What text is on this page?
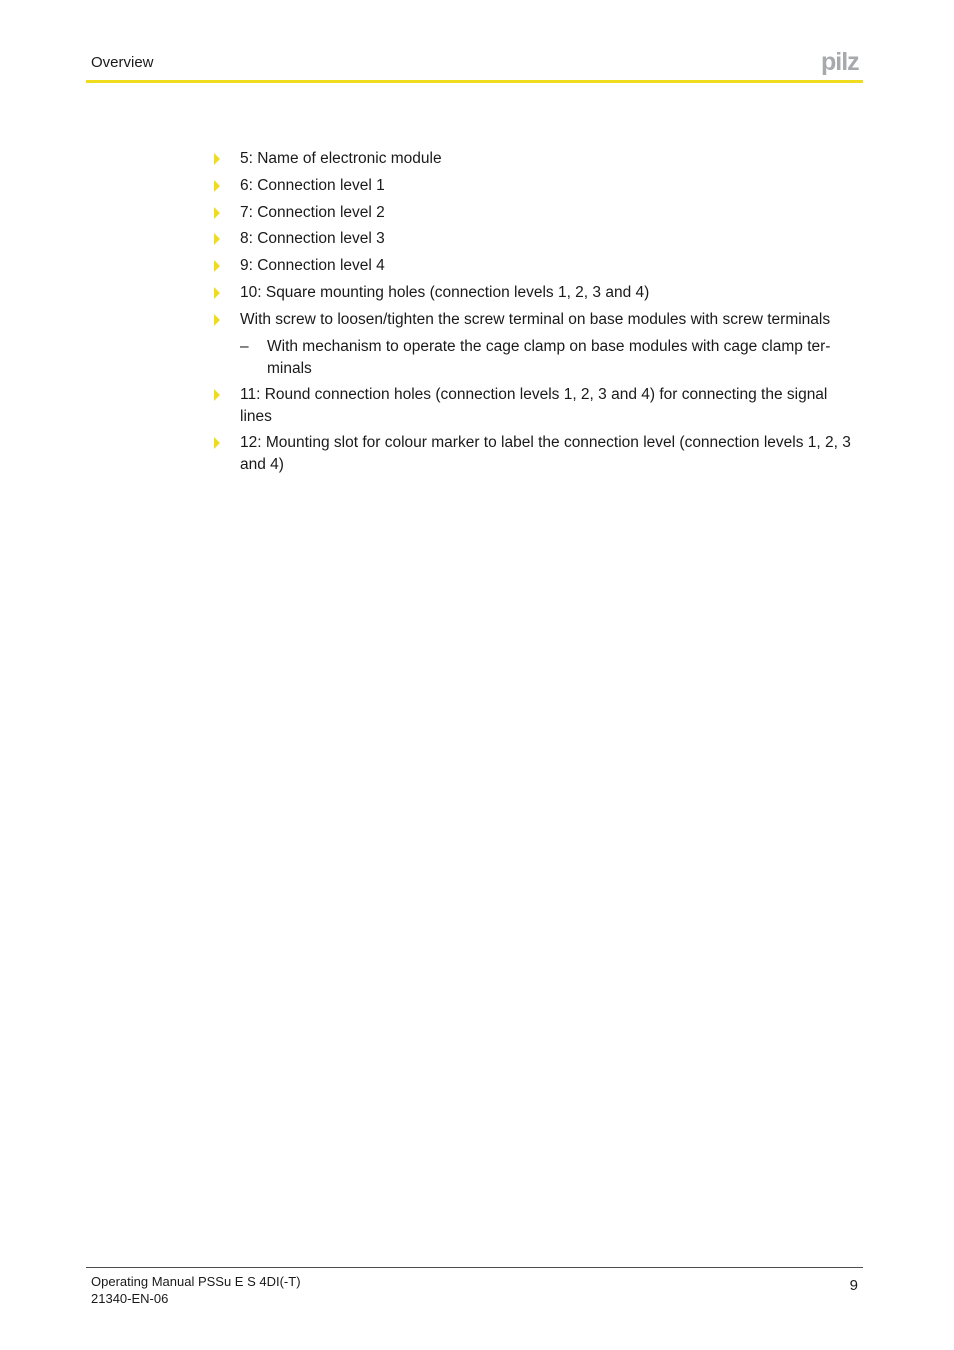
Overview	pilz
5: Name of electronic module
6: Connection level 1
7: Connection level 2
8: Connection level 3
9: Connection level 4
10: Square mounting holes (connection levels 1, 2, 3 and 4)
With screw to loosen/tighten the screw terminal on base modules with screw terminals
– With mechanism to operate the cage clamp on base modules with cage clamp terminals
11: Round connection holes (connection levels 1, 2, 3 and 4) for connecting the signal lines
12: Mounting slot for colour marker to label the connection level (connection levels 1, 2, 3 and 4)
Operating Manual PSSu E S 4DI(-T)
21340-EN-06
9
